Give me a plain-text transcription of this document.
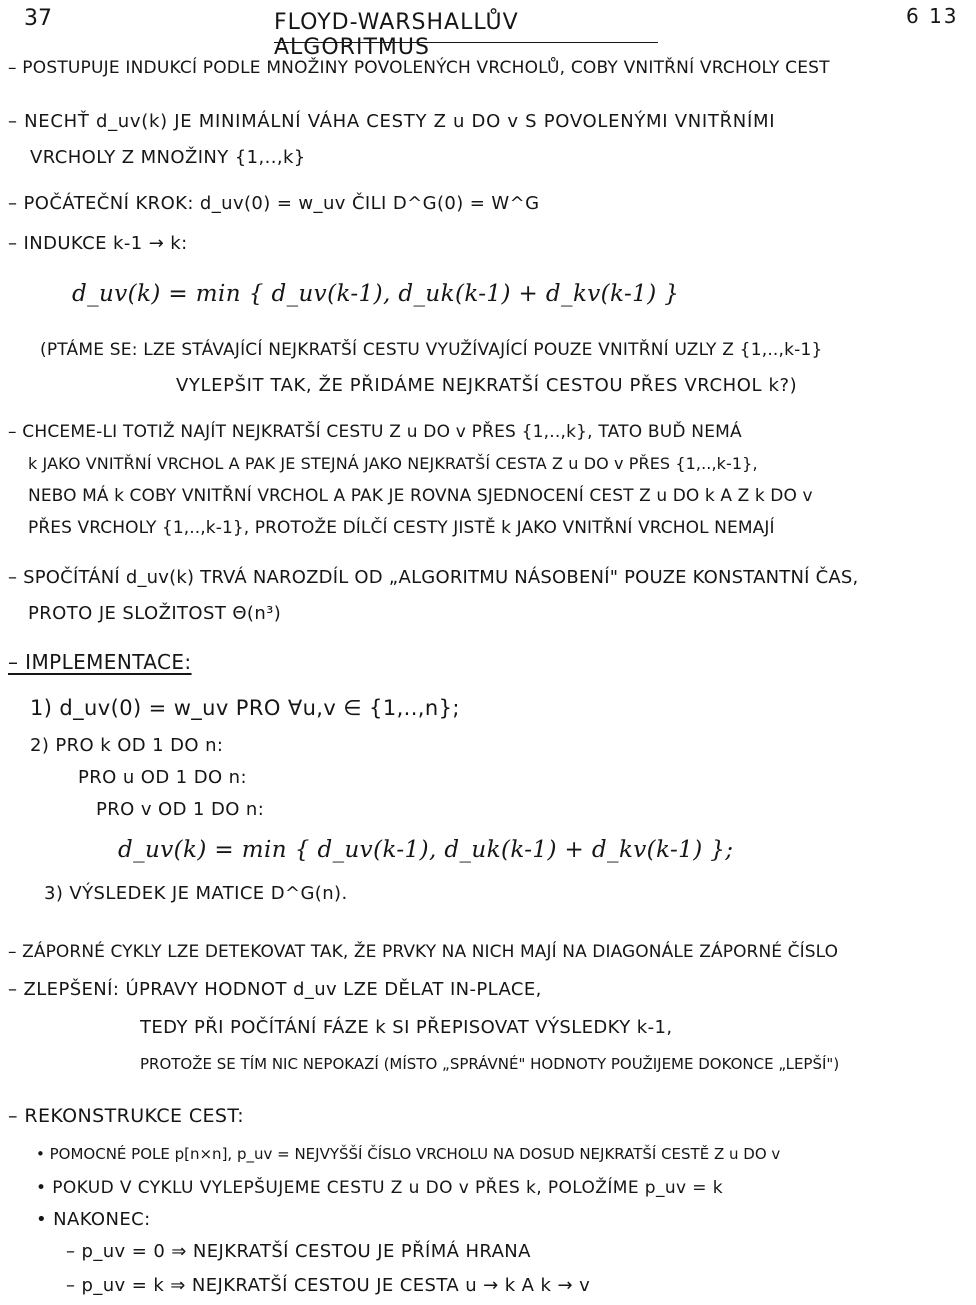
37	FLOYD-WARSHALLŮV ALGORITMUS
6 13
– POSTUPUJE INDUKCÍ PODLE MNOŽINY POVOLENÝCH VRCHOLŮ, COBY VNITŘNÍ VRCHOLY CEST
– NECHŤ d_uv(k) JE MINIMÁLNÍ VÁHA CESTY Z u DO v S POVOLENÝMI VNITŘNÍMI
VRCHOLY Z MNOŽINY {1,..,k}
– POČÁTEČNÍ KROK: d_uv(0) = w_uv ČILI D^G(0) = W^G
– INDUKCE k-1 → k:
d_uv(k) = min { d_uv(k-1), d_uk(k-1) + d_kv(k-1) }
(PTÁME SE: LZE STÁVAJÍCÍ NEJKRATŠÍ CESTU VYUŽÍVAJÍCÍ POUZE VNITŘNÍ UZLY Z {1,..,k-1}
VYLEPŠIT TAK, ŽE PŘIDÁME NEJKRATŠÍ CESTOU PŘES VRCHOL k?)
– CHCEME-LI TOTIŽ NAJÍT NEJKRATŠÍ CESTU Z u DO v PŘES {1,..,k}, TATO BUĎ NEMÁ
k JAKO VNITŘNÍ VRCHOL A PAK JE STEJNÁ JAKO NEJKRATŠÍ CESTA Z u DO v PŘES {1,..,k-1},
NEBO MÁ k COBY VNITŘNÍ VRCHOL A PAK JE ROVNA SJEDNOCENÍ CEST Z u DO k A Z k DO v
PŘES VRCHOLY {1,..,k-1}, PROTOŽE DÍLČÍ CESTY JISTĚ k JAKO VNITŘNÍ VRCHOL NEMAJÍ
– SPOČÍTÁNÍ d_uv(k) TRVÁ NAROZDÍL OD „ALGORITMU NÁSOBENÍ" POUZE KONSTANTNÍ ČAS,
PROTO JE SLOŽITOST Θ(n³)
– IMPLEMENTACE:
1) d_uv(0) = w_uv PRO ∀u,v ∈ {1,..,n};
2) PRO k OD 1 DO n:
PRO u OD 1 DO n:
PRO v OD 1 DO n:
d_uv(k) = min { d_uv(k-1), d_uk(k-1) + d_kv(k-1) };
3) VÝSLEDEK JE MATICE D^G(n).
– ZÁPORNÉ CYKLY LZE DETEKOVAT TAK, ŽE PRVKY NA NICH MAJÍ NA DIAGONÁLE ZÁPORNÉ ČÍSLO
– ZLEPŠENÍ: ÚPRAVY HODNOT d_uv LZE DĚLAT IN-PLACE,
TEDY PŘI POČÍTÁNÍ FÁZE k SI PŘEPISOVAT VÝSLEDKY k-1,
PROTOŽE SE TÍM NIC NEPOKAZÍ (MÍSTO „SPRÁVNÉ" HODNOTY POUŽIJEME DOKONCE „LEPŠÍ")
– REKONSTRUKCE CEST:
• POMOCNÉ POLE p[n×n], p_uv = NEJVYŠŠÍ ČÍSLO VRCHOLU NA DOSUD NEJKRATŠÍ CESTĚ Z u DO v
• POKUD V CYKLU VYLEPŠUJEME CESTU Z u DO v PŘES k, POLOŽÍME p_uv = k
• NAKONEC:
– p_uv = 0 ⇒ NEJKRATŠÍ CESTOU JE PŘÍMÁ HRANA
– p_uv = k ⇒ NEJKRATŠÍ CESTOU JE CESTA u → k A k → v
